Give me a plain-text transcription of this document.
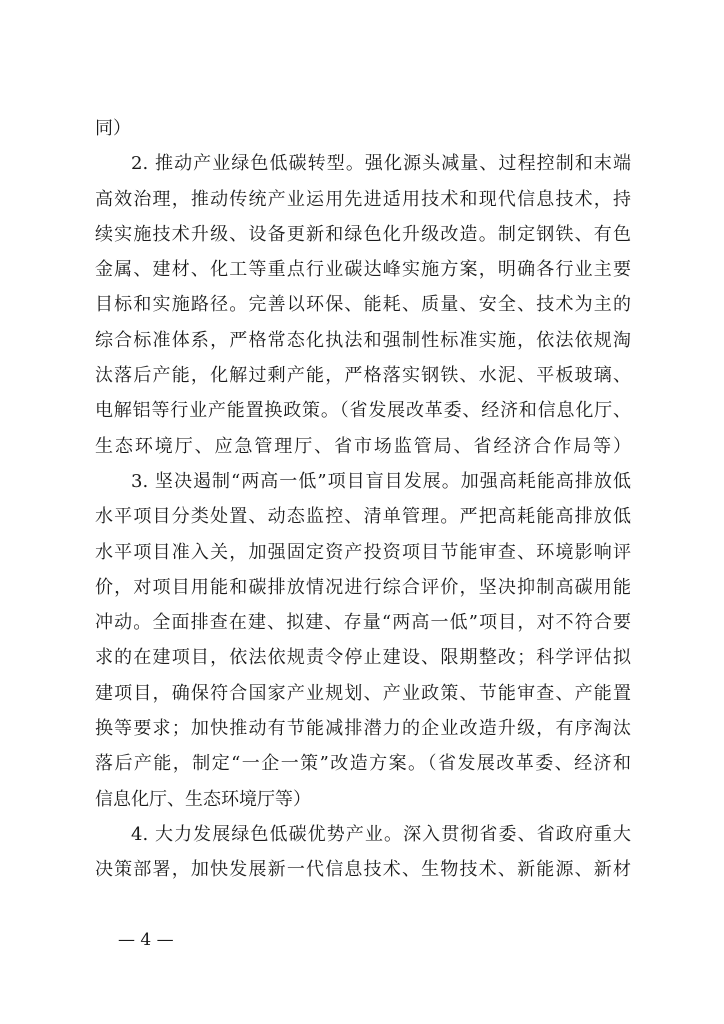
同）
2. 推动产业绿色低碳转型。强化源头减量、过程控制和末端
高效治理，推动传统产业运用先进适用技术和现代信息技术，持
续实施技术升级、设备更新和绿色化升级改造。制定钢铁、有色
金属、建材、化工等重点行业碳达峰实施方案，明确各行业主要
目标和实施路径。完善以环保、能耗、质量、安全、技术为主的
综合标准体系，严格常态化执法和强制性标准实施，依法依规淘
汰落后产能，化解过剩产能，严格落实钢铁、水泥、平板玻璃、
电解铝等行业产能置换政策。（省发展改革委、经济和信息化厅、
生态环境厅、应急管理厅、省市场监管局、省经济合作局等）
3. 坚决遏制“两高一低”项目盲目发展。加强高耗能高排放低
水平项目分类处置、动态监控、清单管理。严把高耗能高排放低
水平项目准入关，加强固定资产投资项目节能审查、环境影响评
价，对项目用能和碳排放情况进行综合评价，坚决抑制高碳用能
冲动。全面排查在建、拟建、存量“两高一低”项目，对不符合要
求的在建项目，依法依规责令停止建设、限期整改；科学评估拟
建项目，确保符合国家产业规划、产业政策、节能审查、产能置
换等要求；加快推动有节能减排潜力的企业改造升级，有序淘汰
落后产能，制定“一企一策”改造方案。（省发展改革委、经济和
信息化厅、生态环境厅等）
4. 大力发展绿色低碳优势产业。深入贯彻省委、省政府重大
决策部署，加快发展新一代信息技术、生物技术、新能源、新材
— 4 —
